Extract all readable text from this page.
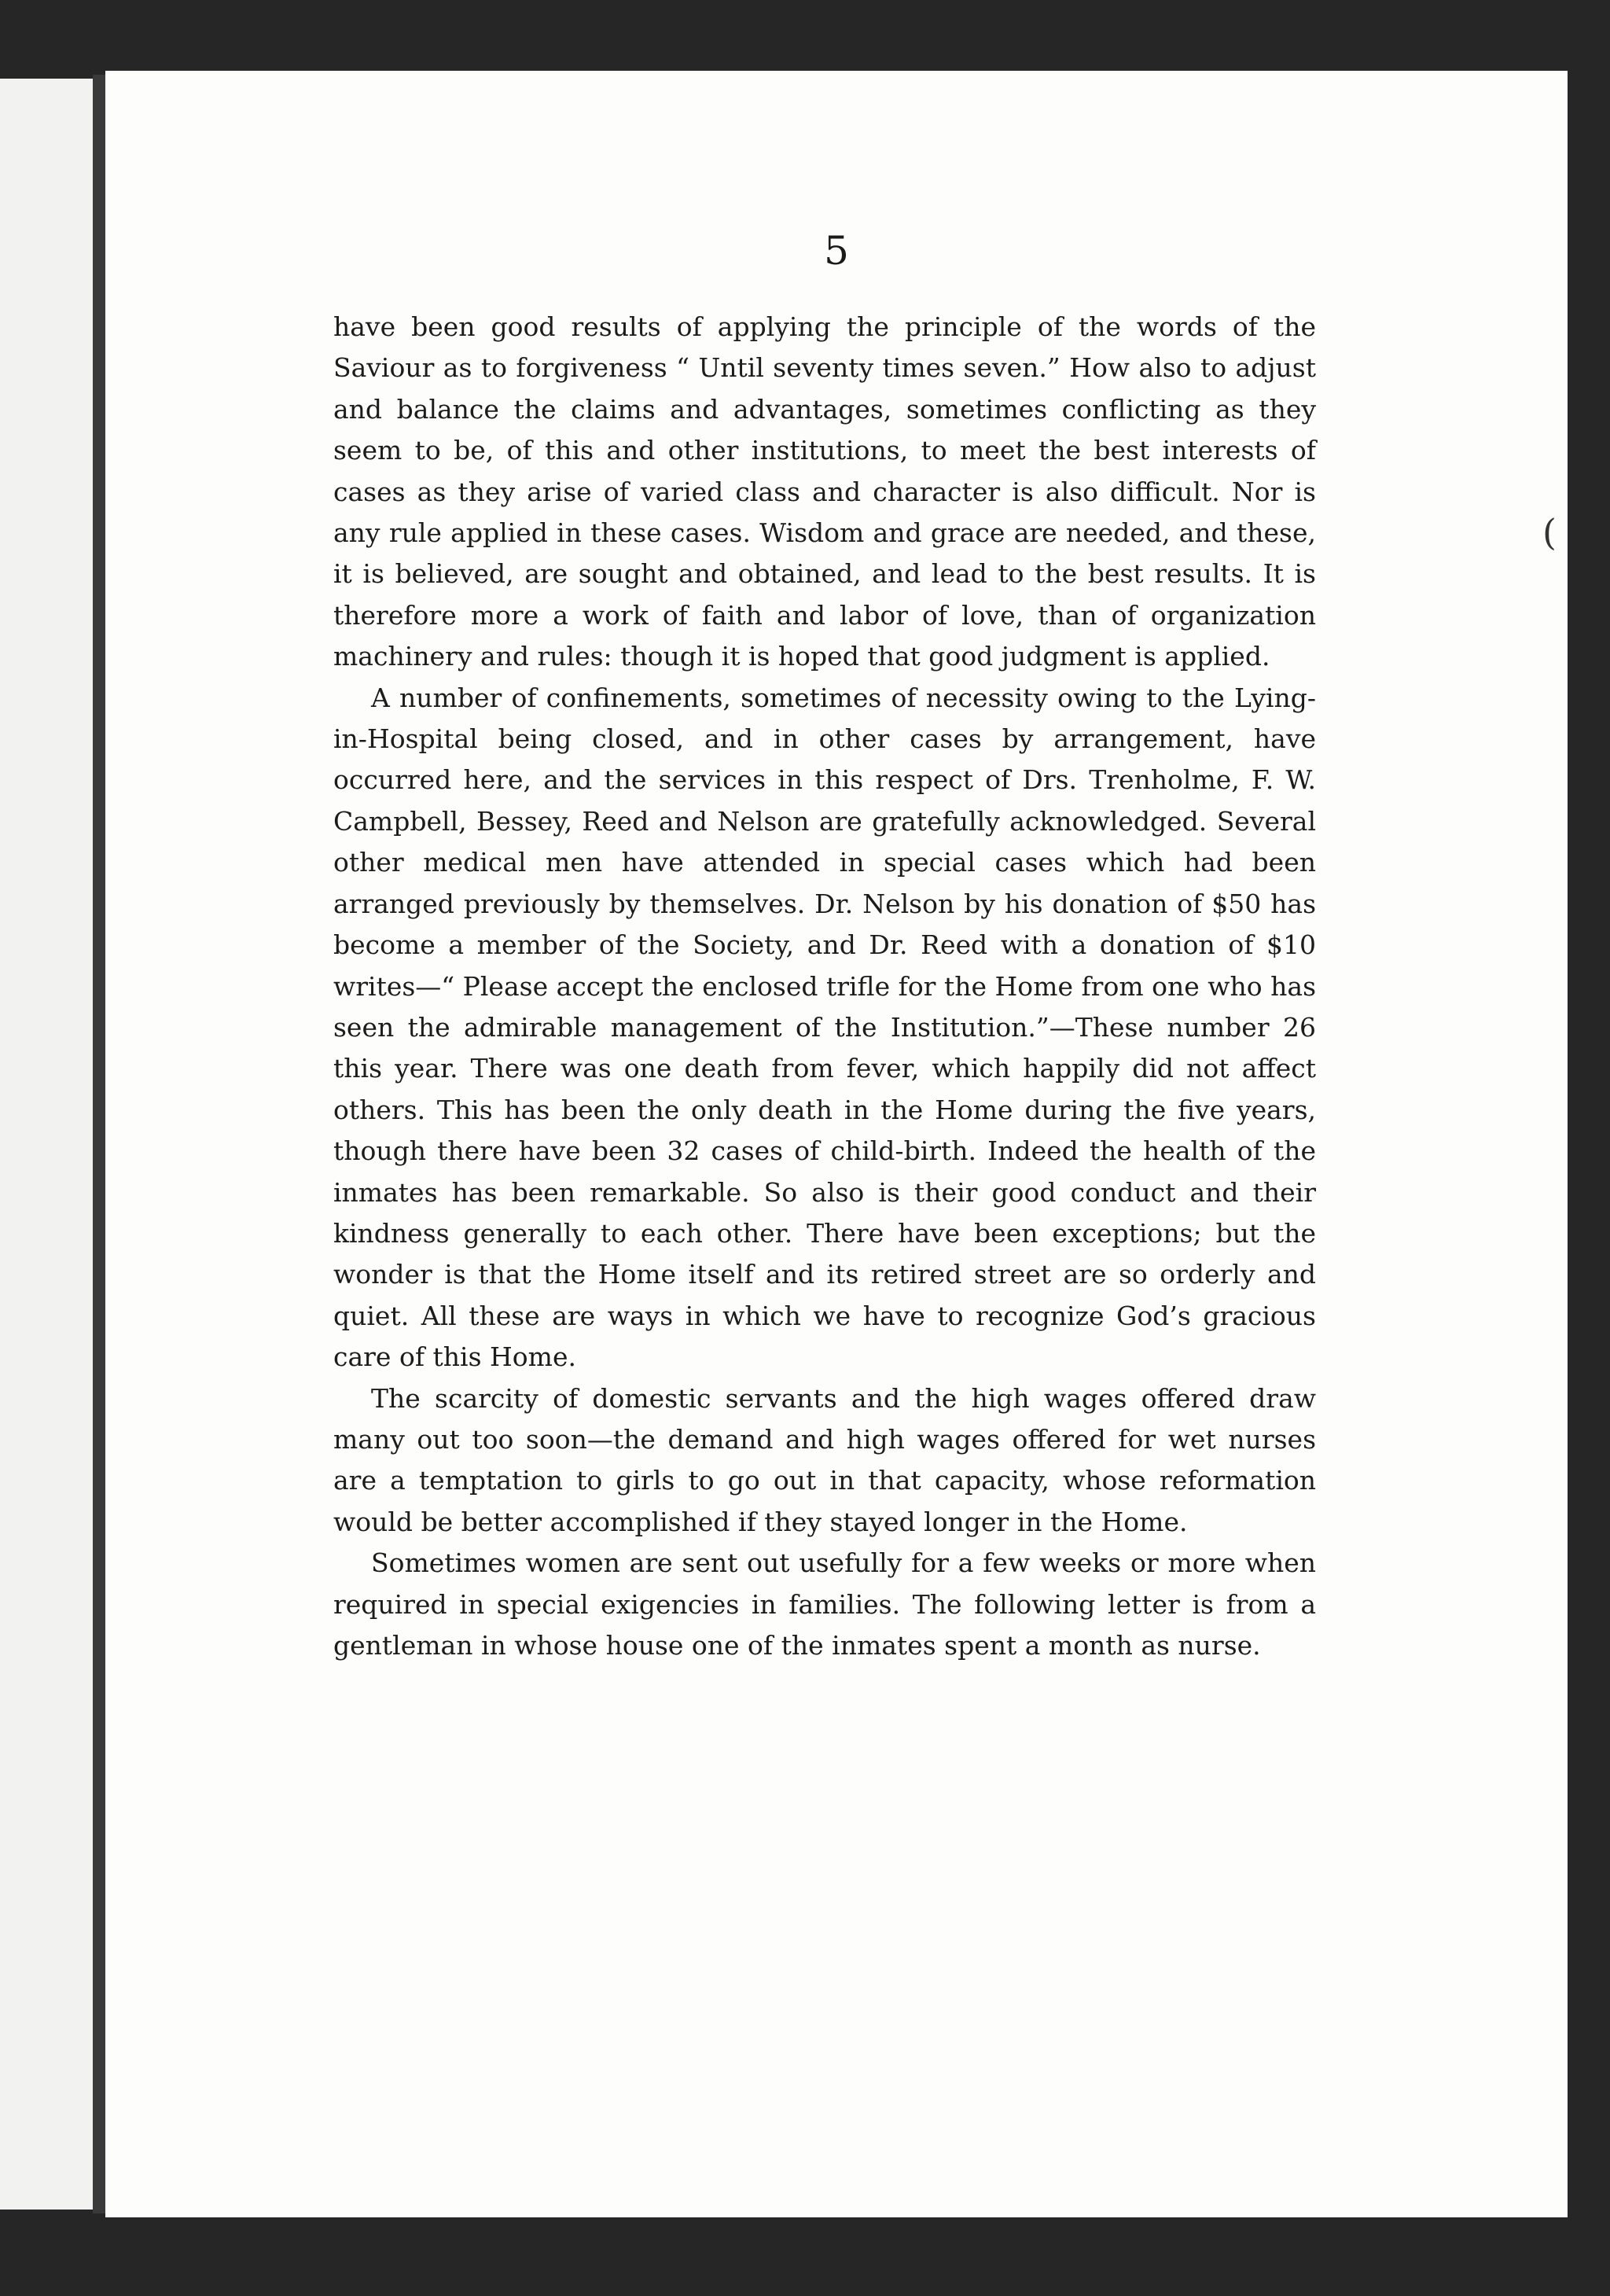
5

have been good results of applying the principle of the words of the Saviour as to forgiveness “ Until seventy times seven.” How also to adjust and balance the claims and advantages, sometimes conflicting as they seem to be, of this and other institutions, to meet the best interests of cases as they arise of varied class and character is also difficult. Nor is any rule applied in these cases. Wisdom and grace are needed, and these, it is believed, are sought and obtained, and lead to the best results. It is therefore more a work of faith and labor of love, than of organization machinery and rules: though it is hoped that good judgment is applied.

A number of confinements, sometimes of necessity owing to the Lying-in-Hospital being closed, and in other cases by arrangement, have occurred here, and the services in this respect of Drs. Trenholme, F. W. Campbell, Bessey, Reed and Nelson are gratefully acknowledged. Several other medical men have attended in special cases which had been arranged previously by themselves. Dr. Nelson by his donation of $50 has become a member of the Society, and Dr. Reed with a donation of $10 writes—“ Please accept the enclosed trifle for the Home from one who has seen the admirable management of the Institution.”—These number 26 this year. There was one death from fever, which happily did not affect others. This has been the only death in the Home during the five years, though there have been 32 cases of child-birth. Indeed the health of the inmates has been remarkable. So also is their good conduct and their kindness generally to each other. There have been exceptions; but the wonder is that the Home itself and its retired street are so orderly and quiet. All these are ways in which we have to recognize God’s gracious care of this Home.

The scarcity of domestic servants and the high wages offered draw many out too soon—the demand and high wages offered for wet nurses are a temptation to girls to go out in that capacity, whose reformation would be better accomplished if they stayed longer in the Home.

Sometimes women are sent out usefully for a few weeks or more when required in special exigencies in families. The following letter is from a gentleman in whose house one of the inmates spent a month as nurse.

(
